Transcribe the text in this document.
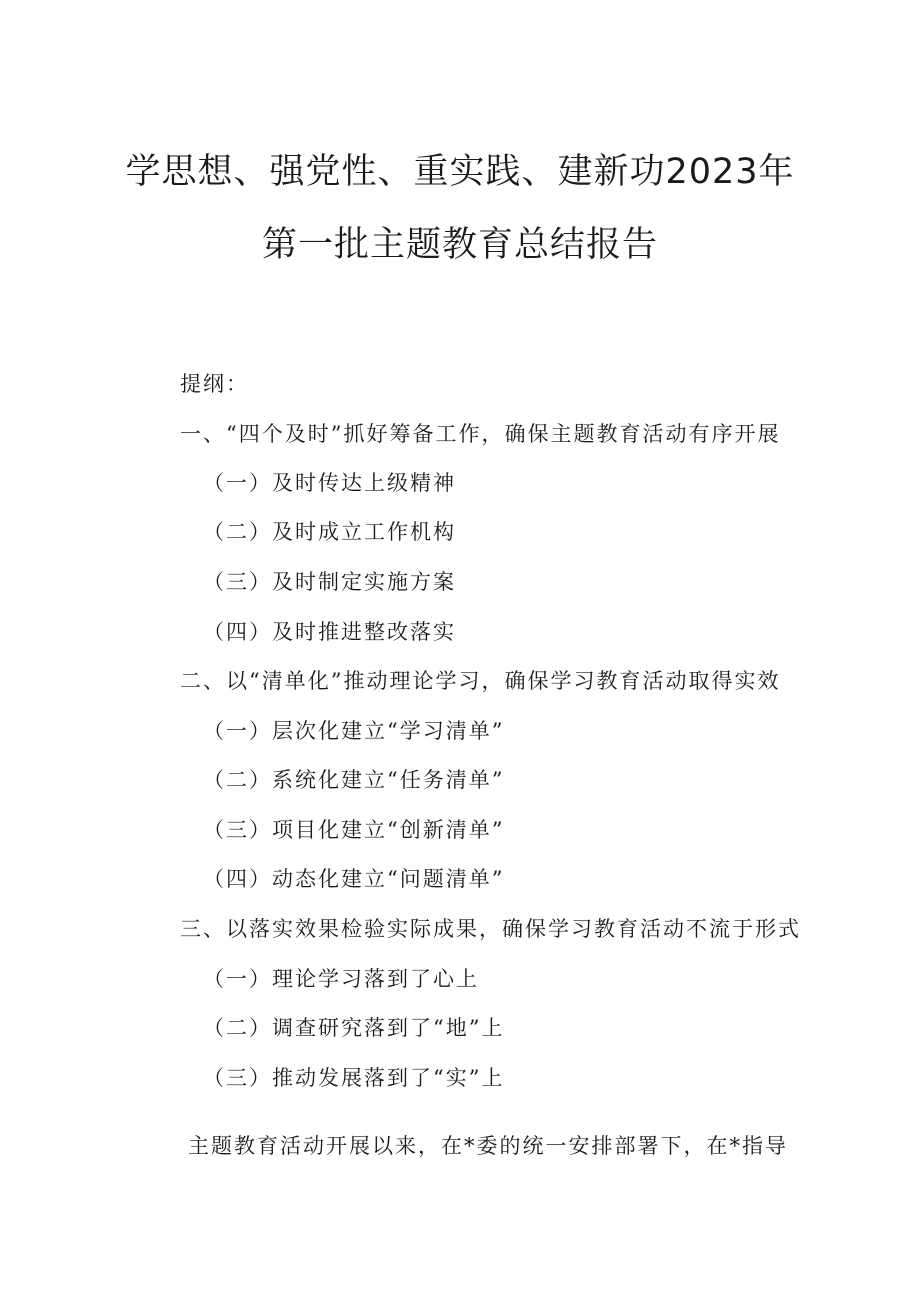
学思想、强党性、重实践、建新功2023年
第一批主题教育总结报告

提纲：

一、“四个及时”抓好筹备工作，确保主题教育活动有序开展

（一）及时传达上级精神

（二）及时成立工作机构

（三）及时制定实施方案

（四）及时推进整改落实

二、以“清单化”推动理论学习，确保学习教育活动取得实效

（一）层次化建立“学习清单”

（二）系统化建立“任务清单”

（三）项目化建立“创新清单”

（四）动态化建立“问题清单”

三、以落实效果检验实际成果，确保学习教育活动不流于形式

（一）理论学习落到了心上

（二）调查研究落到了“地”上

（三）推动发展落到了“实”上

主题教育活动开展以来，在*委的统一安排部署下，在*指导
